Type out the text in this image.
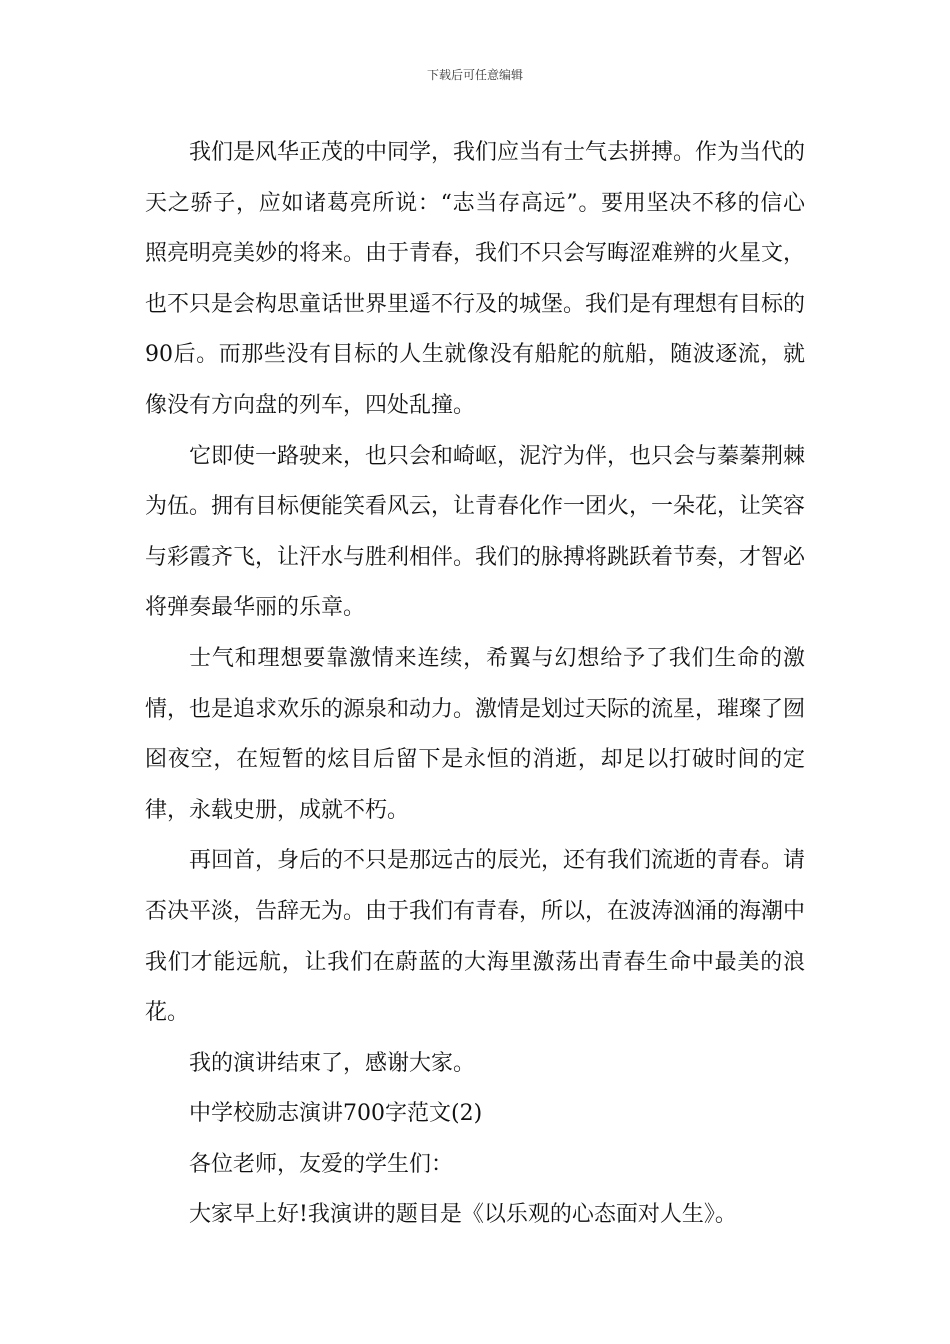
下载后可任意编辑

我们是风华正茂的中同学，我们应当有士气去拼搏。作为当代的天之骄子，应如诸葛亮所说：“志当存高远”。要用坚决不移的信心照亮明亮美妙的将来。由于青春，我们不只会写晦涩难辨的火星文，也不只是会构思童话世界里遥不行及的城堡。我们是有理想有目标的90后。而那些没有目标的人生就像没有船舵的航船，随波逐流，就像没有方向盘的列车，四处乱撞。

它即使一路驶来，也只会和崎岖，泥泞为伴，也只会与蓁蓁荆棘为伍。拥有目标便能笑看风云，让青春化作一团火，一朵花，让笑容与彩霞齐飞，让汗水与胜利相伴。我们的脉搏将跳跃着节奏，才智必将弹奏最华丽的乐章。

士气和理想要靠激情来连续，希翼与幻想给予了我们生命的激情，也是追求欢乐的源泉和动力。激情是划过天际的流星，璀璨了囫囵夜空，在短暂的炫目后留下是永恒的消逝，却足以打破时间的定律，永载史册，成就不朽。

再回首，身后的不只是那远古的辰光，还有我们流逝的青春。请否决平淡，告辞无为。由于我们有青春，所以，在波涛汹涌的海潮中我们才能远航，让我们在蔚蓝的大海里激荡出青春生命中最美的浪花。

我的演讲结束了，感谢大家。

中学校励志演讲700字范文(2)

各位老师，友爱的学生们：

大家早上好!我演讲的题目是《以乐观的心态面对人生》。
